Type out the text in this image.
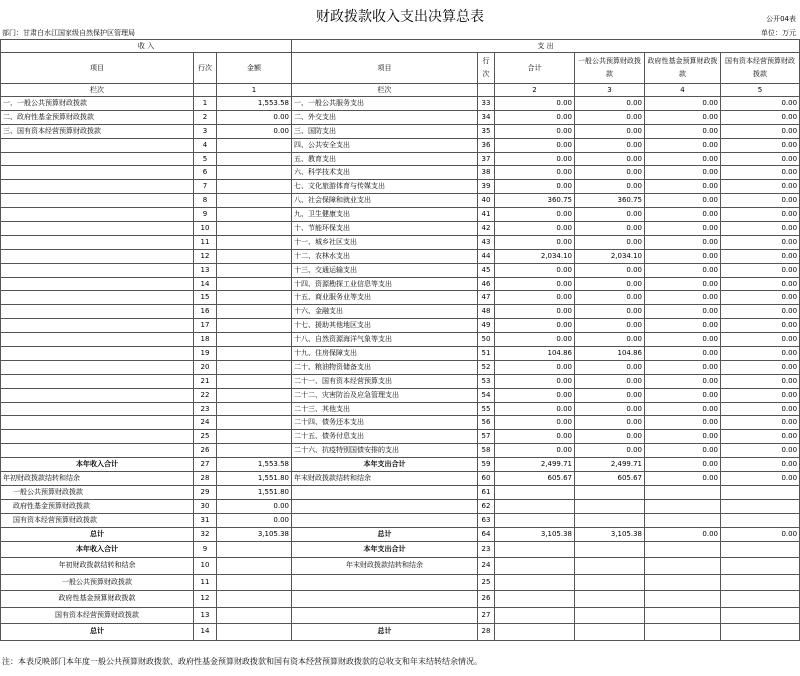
财政拨款收入支出决算总表	公开04表
部门：甘肃白水江国家级自然保护区管理局	单位：万元
收 入			支 出					
项目	行次	金额	项目	行次	合计	一般公共预算财政拨款	政府性基金预算财政拨款	国有资本经营预算财政拨款
栏次		1	栏次		2	3	4	5
一、一般公共预算财政拨款	1	1,553.58	一、一般公共服务支出	33	0.00	0.00	0.00	0.00
二、政府性基金预算财政拨款	2	0.00	二、外交支出	34	0.00	0.00	0.00	0.00
三、国有资本经营预算财政拨款	3	0.00	三、国防支出	35	0.00	0.00	0.00	0.00
	4		四、公共安全支出	36	0.00	0.00	0.00	0.00
	5		五、教育支出	37	0.00	0.00	0.00	0.00
	6		六、科学技术支出	38	0.00	0.00	0.00	0.00
	7		七、文化旅游体育与传媒支出	39	0.00	0.00	0.00	0.00
	8		八、社会保障和就业支出	40	360.75	360.75	0.00	0.00
	9		九、卫生健康支出	41	0.00	0.00	0.00	0.00
	10		十、节能环保支出	42	0.00	0.00	0.00	0.00
	11		十一、城乡社区支出	43	0.00	0.00	0.00	0.00
	12		十二、农林水支出	44	2,034.10	2,034.10	0.00	0.00
	13		十三、交通运输支出	45	0.00	0.00	0.00	0.00
	14		十四、资源勘探工业信息等支出	46	0.00	0.00	0.00	0.00
	15		十五、商业服务业等支出	47	0.00	0.00	0.00	0.00
	16		十六、金融支出	48	0.00	0.00	0.00	0.00
	17		十七、援助其他地区支出	49	0.00	0.00	0.00	0.00
	18		十八、自然资源海洋气象等支出	50	0.00	0.00	0.00	0.00
	19		十九、住房保障支出	51	104.86	104.86	0.00	0.00
	20		二十、粮油物资储备支出	52	0.00	0.00	0.00	0.00
	21		二十一、国有资本经营预算支出	53	0.00	0.00	0.00	0.00
	22		二十二、灾害防治及应急管理支出	54	0.00	0.00	0.00	0.00
	23		二十三、其他支出	55	0.00	0.00	0.00	0.00
	24		二十四、债务还本支出	56	0.00	0.00	0.00	0.00
	25		二十五、债务付息支出	57	0.00	0.00	0.00	0.00
	26		二十六、抗疫特别国债安排的支出	58	0.00	0.00	0.00	0.00
本年收入合计	27	1,553.58	本年支出合计	59	2,499.71	2,499.71	0.00	0.00
年初财政拨款结转和结余	28	1,551.80	年末财政拨款结转和结余	60	605.67	605.67	0.00	0.00
一般公共预算财政拨款	29	1,551.80		61				
政府性基金预算财政拨款	30	0.00		62				
国有资本经营预算财政拨款	31	0.00		63				
总计	32	3,105.38	总计	64	3,105.38	3,105.38	0.00	0.00
本年收入合计	9		本年支出合计	23				
年初财政拨款结转和结余	10		年末财政拨款结转和结余	24				
一般公共预算财政拨款	11			25				
政府性基金预算财政拨款	12			26				
国有资本经营预算财政拨款	13			27				
总计	14		总计	28				
注：本表反映部门本年度一般公共预算财政拨款、政府性基金预算财政拨款和国有资本经营预算财政拨款的总收支和年末结转结余情况。
